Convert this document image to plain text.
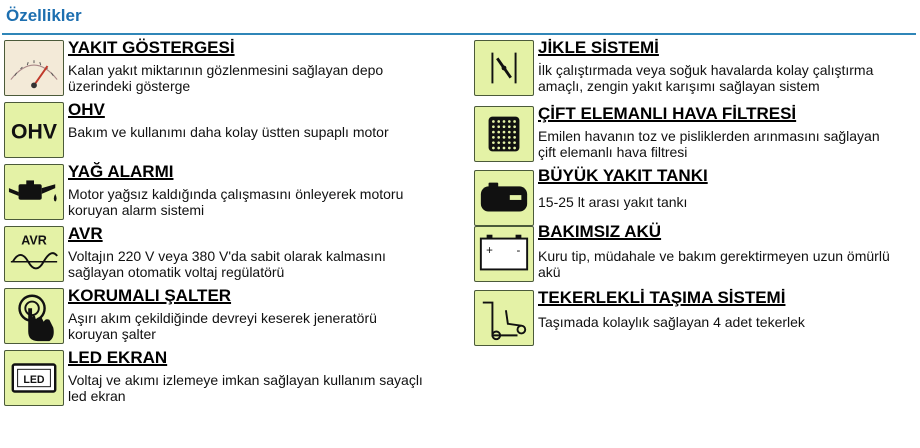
Özellikler
YAKIT GÖSTERGESİ
Kalan yakıt miktarının gözlenmesini sağlayan depo üzerindeki gösterge
OHV
OHV
Bakım ve kullanımı daha kolay üstten supaplı motor
YAĞ ALARMI
Motor yağsız kaldığında çalışmasını önleyerek motoru koruyan alarm sistemi
AVR AVR
Voltajın 220 V veya 380 V'da sabit olarak kalmasını sağlayan otomatik voltaj regülatörü
KORUMALI ŞALTER
Aşırı akım çekildiğinde devreyi keserek jeneratörü koruyan şalter
LED
LED EKRAN
Voltaj ve akımı izlemeye imkan sağlayan kullanım sayaçlı led ekran
JİKLE SİSTEMİ
İlk çalıştırmada veya soğuk havalarda kolay çalıştırma amaçlı, zengin yakıt karışımı sağlayan sistem
ÇİFT ELEMANLI HAVA FİLTRESİ
Emilen havanın toz ve pisliklerden arınmasını sağlayan çift elemanlı hava filtresi
BÜYÜK YAKIT TANKI
15-25 lt arası yakıt tankı
+ -
BAKIMSIZ AKÜ
Kuru tip, müdahale ve bakım gerektirmeyen uzun ömürlü akü
TEKERLEKLİ TAŞIMA SİSTEMİ
Taşımada kolaylık sağlayan 4 adet tekerlek
